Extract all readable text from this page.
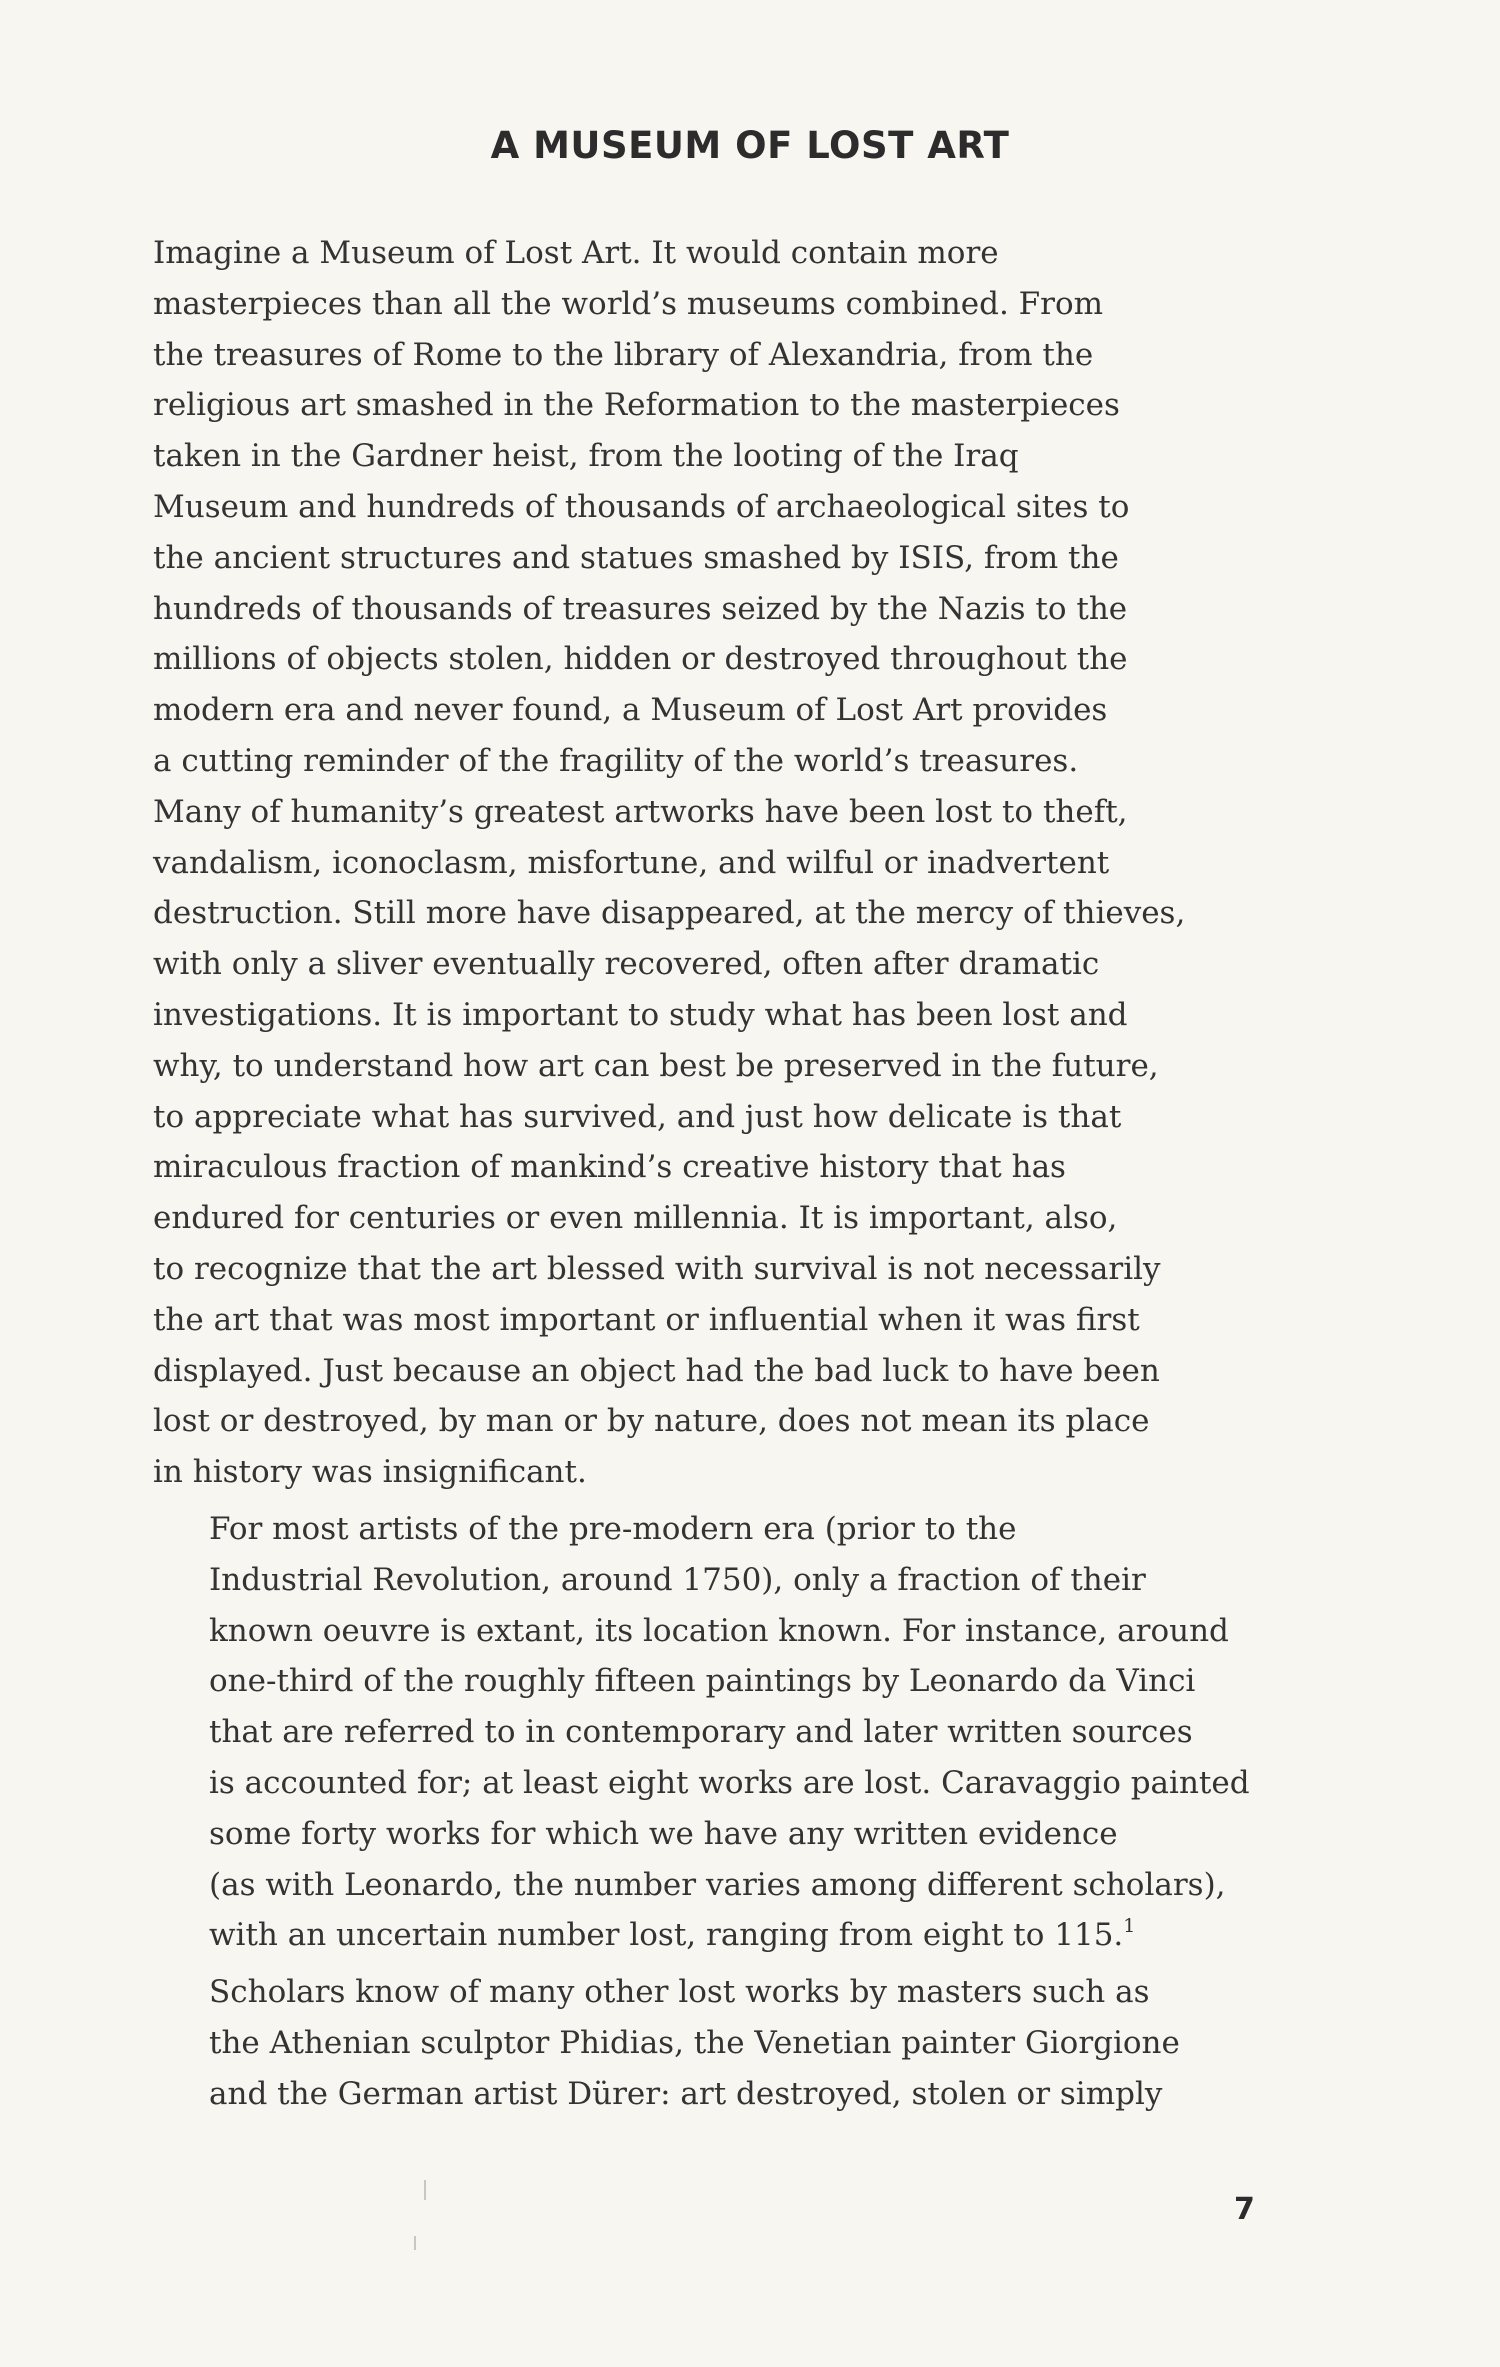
A MUSEUM OF LOST ART

Imagine a Museum of Lost Art. It would contain more
masterpieces than all the world’s museums combined. From
the treasures of Rome to the library of Alexandria, from the
religious art smashed in the Reformation to the masterpieces
taken in the Gardner heist, from the looting of the Iraq
Museum and hundreds of thousands of archaeological sites to
the ancient structures and statues smashed by ISIS, from the
hundreds of thousands of treasures seized by the Nazis to the
millions of objects stolen, hidden or destroyed throughout the
modern era and never found, a Museum of Lost Art provides
a cutting reminder of the fragility of the world’s treasures.
Many of humanity’s greatest artworks have been lost to theft,
vandalism, iconoclasm, misfortune, and wilful or inadvertent
destruction. Still more have disappeared, at the mercy of thieves,
with only a sliver eventually recovered, often after dramatic
investigations. It is important to study what has been lost and
why, to understand how art can best be preserved in the future,
to appreciate what has survived, and just how delicate is that
miraculous fraction of mankind’s creative history that has
endured for centuries or even millennia. It is important, also,
to recognize that the art blessed with survival is not necessarily
the art that was most important or influential when it was first
displayed. Just because an object had the bad luck to have been
lost or destroyed, by man or by nature, does not mean its place
in history was insignificant.

For most artists of the pre-modern era (prior to the
Industrial Revolution, around 1750), only a fraction of their
known oeuvre is extant, its location known. For instance, around
one-third of the roughly fifteen paintings by Leonardo da Vinci
that are referred to in contemporary and later written sources
is accounted for; at least eight works are lost. Caravaggio painted
some forty works for which we have any written evidence
(as with Leonardo, the number varies among different scholars),
with an uncertain number lost, ranging from eight to 115.$^1$

Scholars know of many other lost works by masters such as
the Athenian sculptor Phidias, the Venetian painter Giorgione
and the German artist Dürer: art destroyed, stolen or simply

7
